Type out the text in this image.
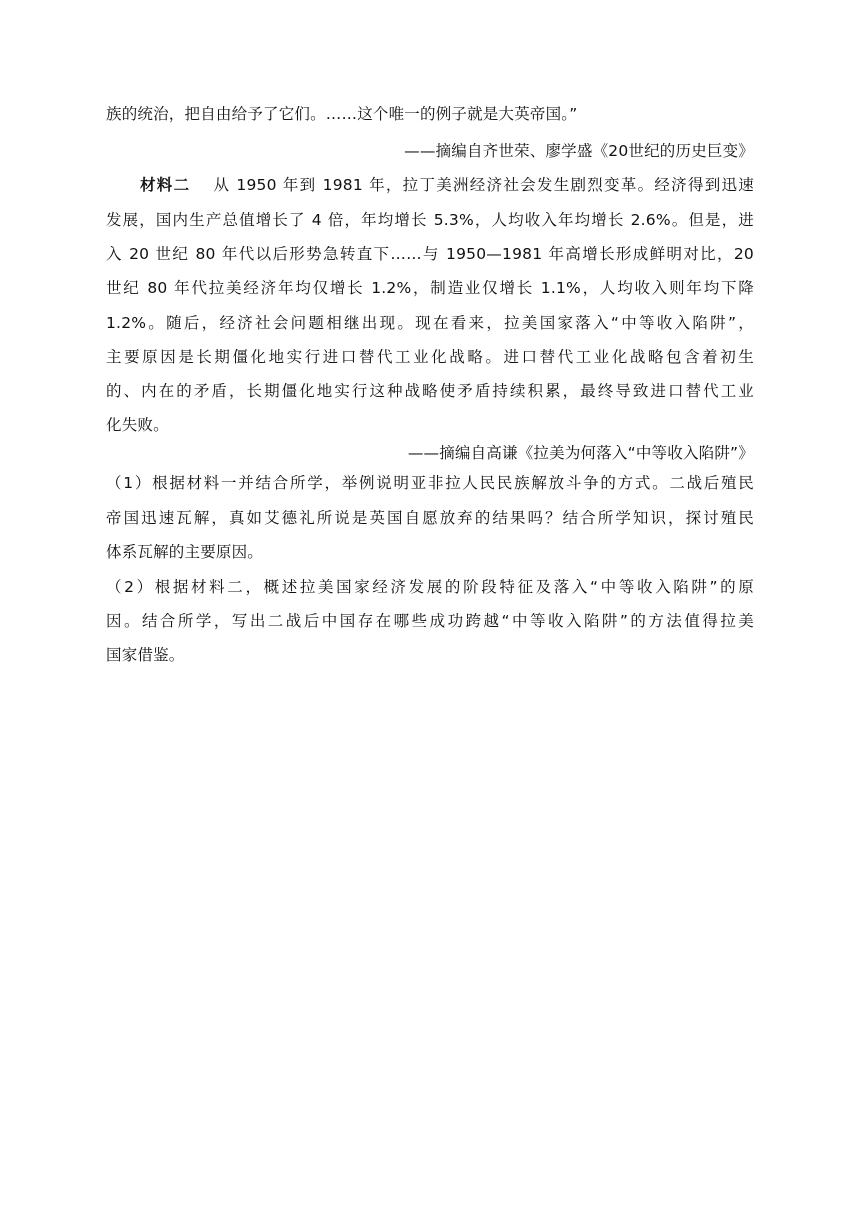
族的统治，把自由给予了它们。……这个唯一的例子就是大英帝国。”
——摘编自齐世荣、廖学盛《20世纪的历史巨变》
材料二 从 1950 年到 1981 年，拉丁美洲经济社会发生剧烈变革。经济得到迅速
发展，国内生产总值增长了 4 倍，年均增长 5.3%，人均收入年均增长 2.6%。但是，进
入 20 世纪 80 年代以后形势急转直下……与 1950—1981 年高增长形成鲜明对比，20
世纪 80 年代拉美经济年均仅增长 1.2%，制造业仅增长 1.1%，人均收入则年均下降
1.2%。随后，经济社会问题相继出现。现在看来，拉美国家落入“中等收入陷阱”，
主要原因是长期僵化地实行进口替代工业化战略。进口替代工业化战略包含着初生
的、内在的矛盾，长期僵化地实行这种战略使矛盾持续积累，最终导致进口替代工业
化失败。
——摘编自高谦《拉美为何落入“中等收入陷阱”》
（1）根据材料一并结合所学，举例说明亚非拉人民民族解放斗争的方式。二战后殖民
帝国迅速瓦解，真如艾德礼所说是英国自愿放弃的结果吗？结合所学知识，探讨殖民
体系瓦解的主要原因。
（2）根据材料二，概述拉美国家经济发展的阶段特征及落入“中等收入陷阱”的原
因。结合所学，写出二战后中国存在哪些成功跨越“中等收入陷阱”的方法值得拉美
国家借鉴。
